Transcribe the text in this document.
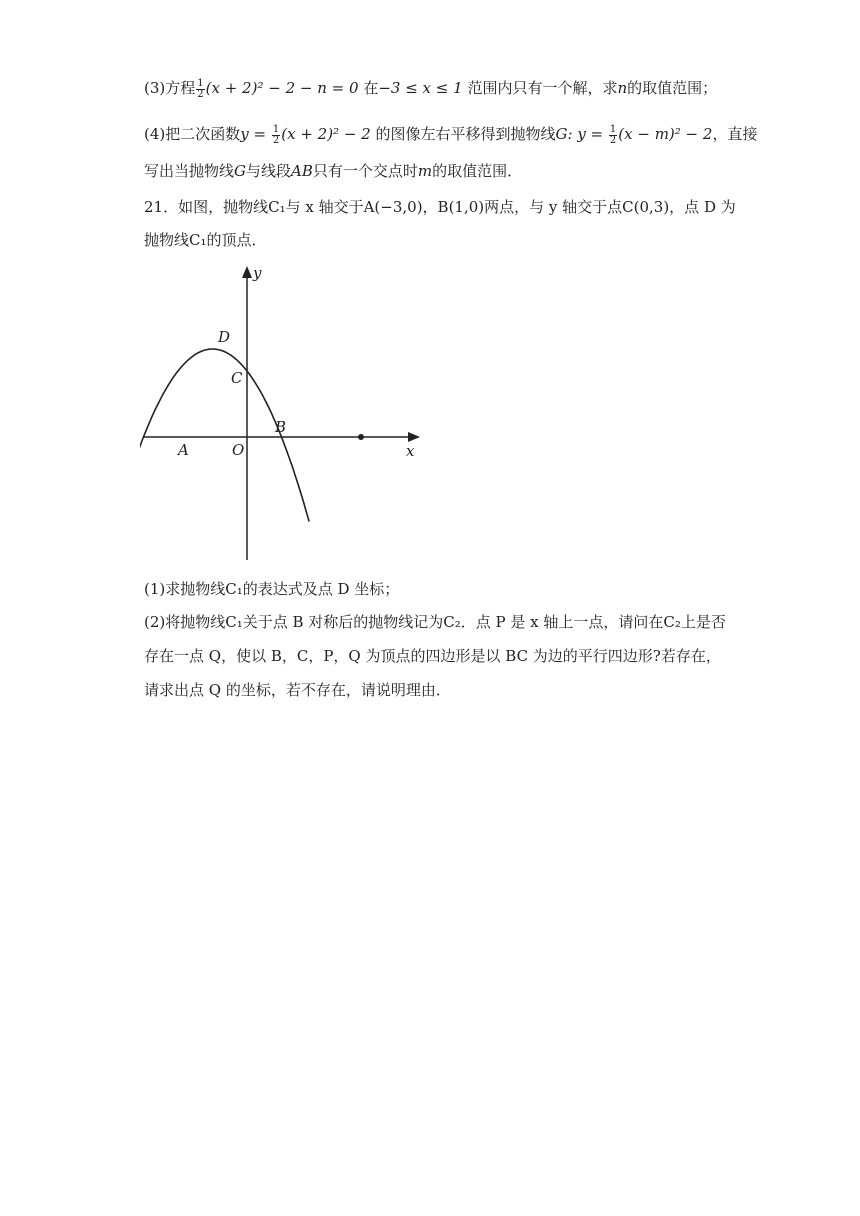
(3)方程 $\frac{1}{2} (x + 2)^2 - 2 - n = 0$ 在−3 ≤ x ≤ 1 范围内只有一个解，求n的取值范围；
(4)把二次函数$y = \frac{1}{2} (x + 2)^2 - 2$ 的图像左右平移得到抛物线G: $y = \frac{1}{2} (x - m)^2 - 2$，直接
写出当抛物线G与线段AB只有一个交点时m的取值范围．
21．如图，抛物线C₁与 x 轴交于A(−3,0)，B(1,0)两点，与 y 轴交于点C(0,3)，点 D 为
抛物线C₁的顶点．
y
x
D
C
B
A	O
(1)求抛物线C₁的表达式及点 D 坐标；
(2)将抛物线C₁关于点 B 对称后的抛物线记为C₂．点 P 是 x 轴上一点，请问在C₂上是否
存在一点 Q，使以 B，C，P，Q 为顶点的四边形是以 BC 为边的平行四边形?若存在，
请求出点 Q 的坐标，若不存在，请说明理由．
